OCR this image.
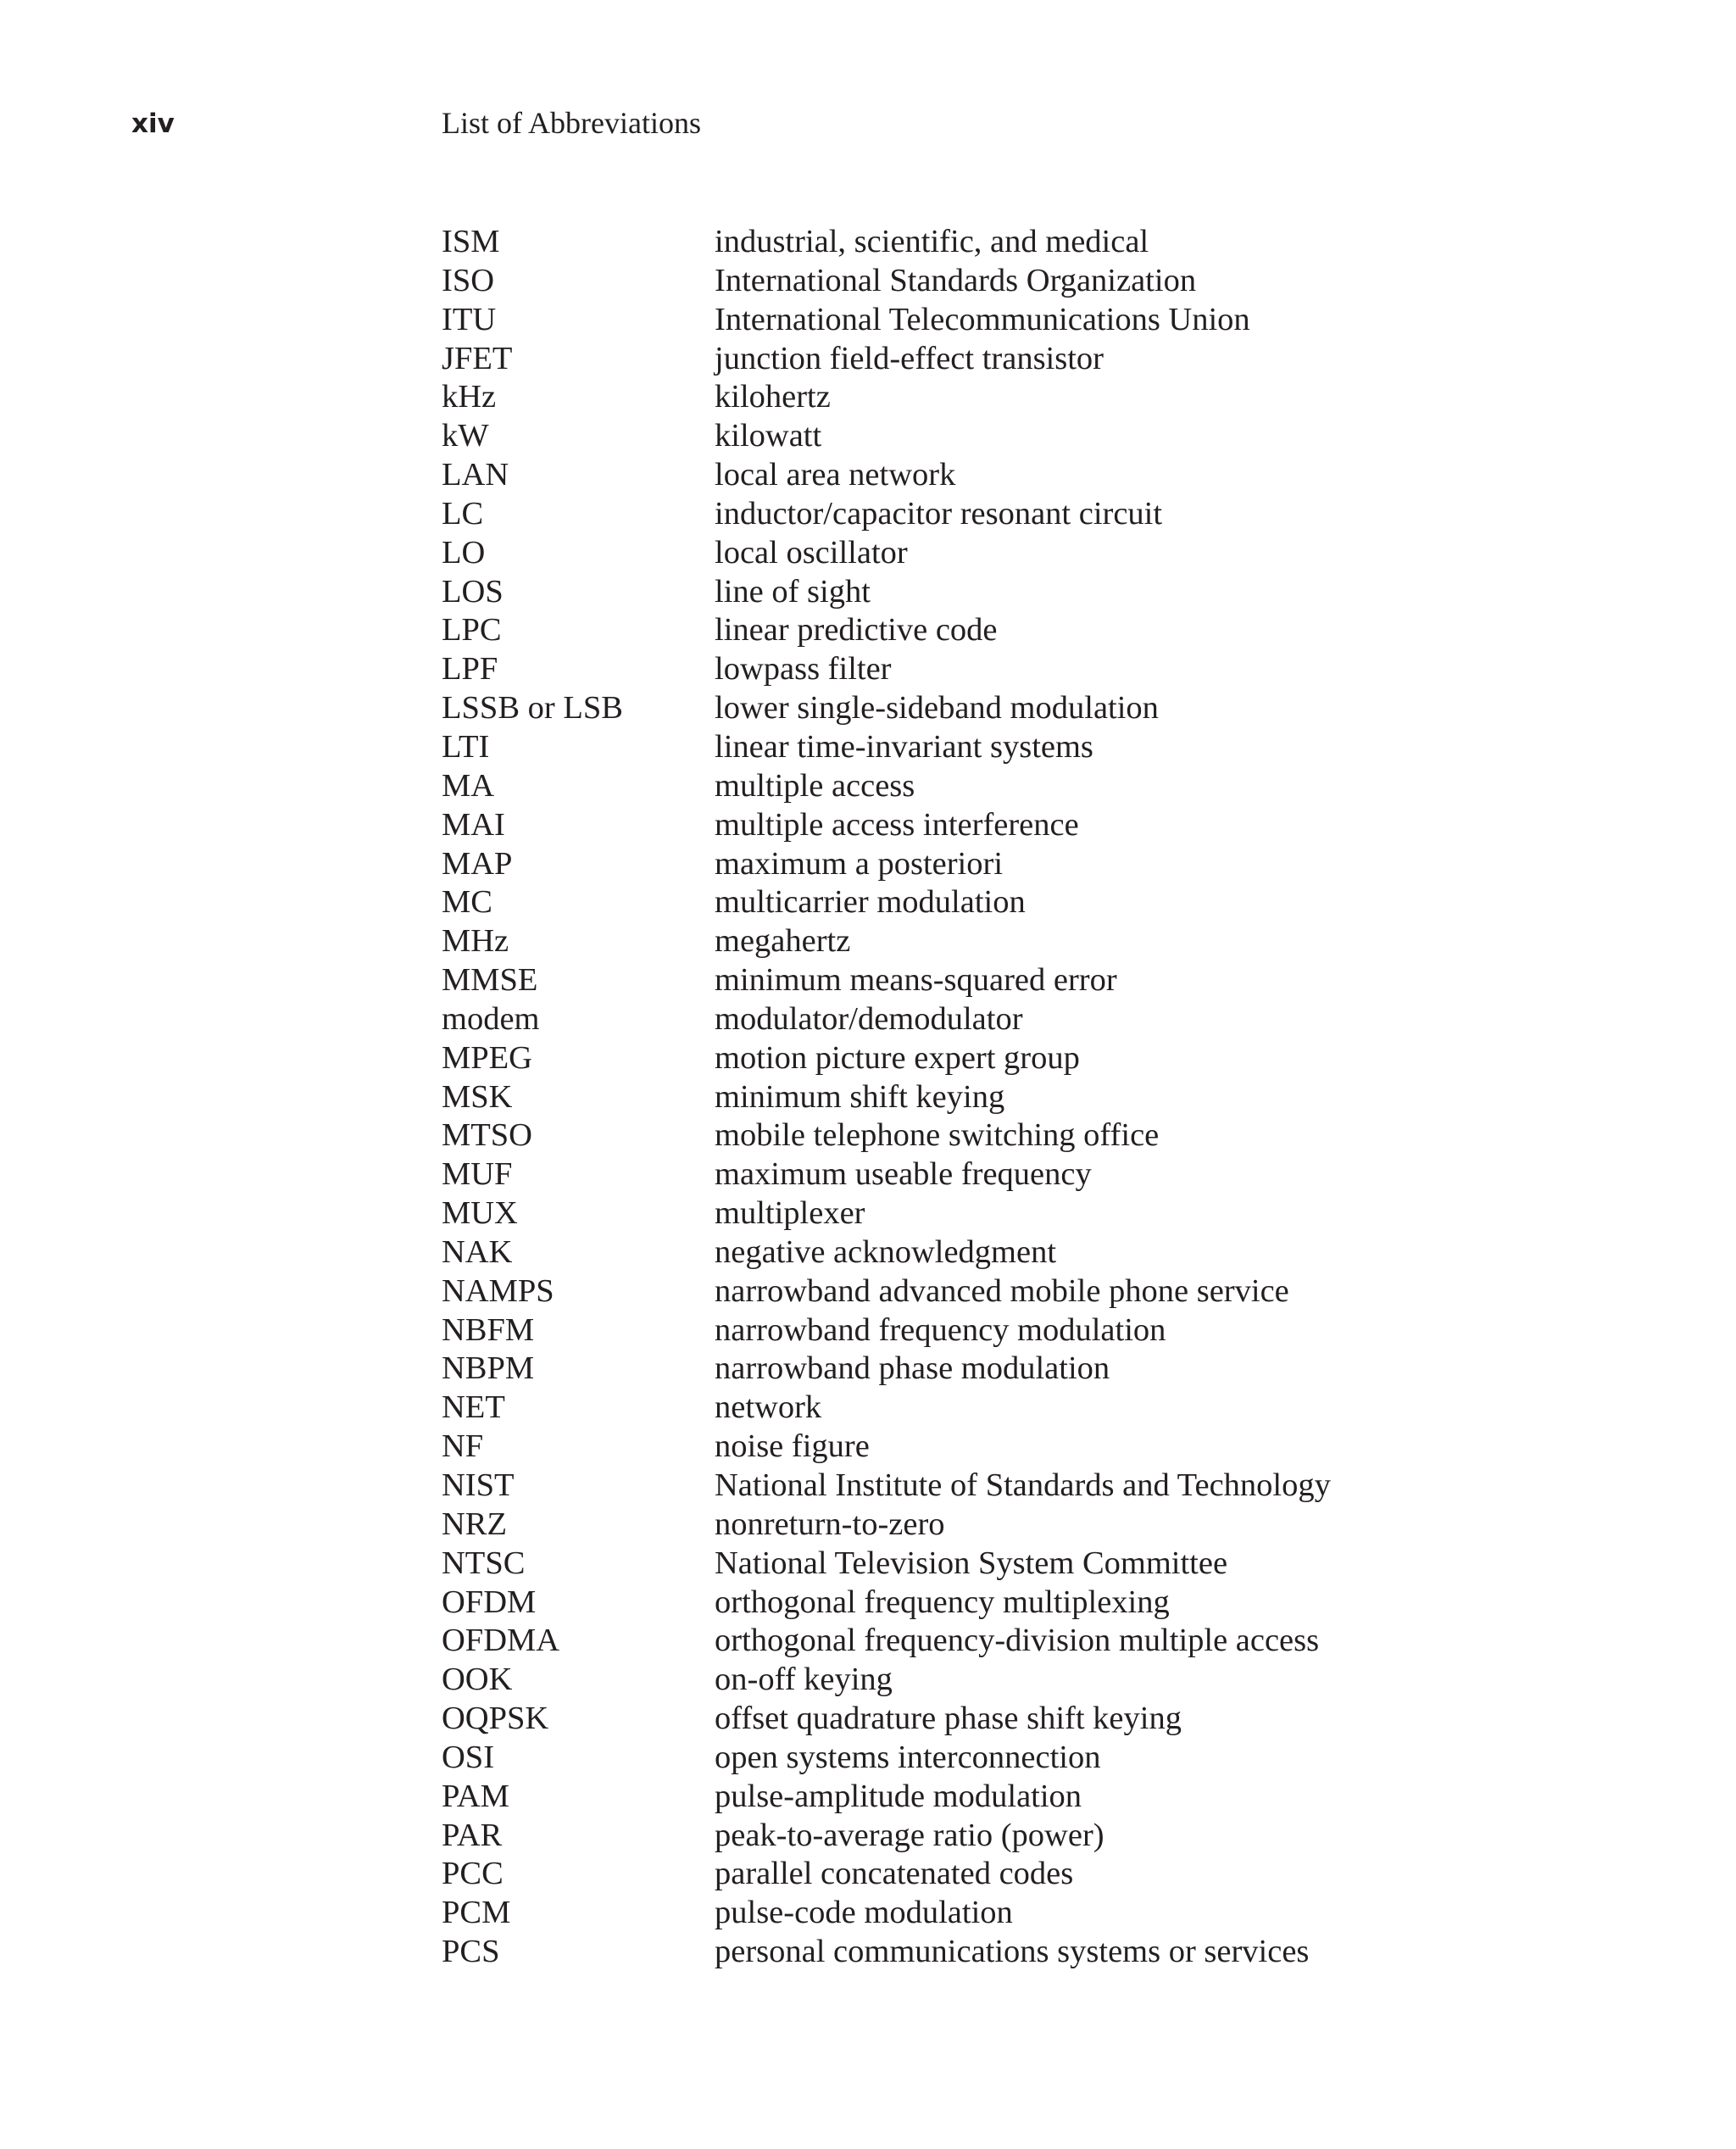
xiv	List of Abbreviations
ISM	industrial, scientific, and medical
ISO	International Standards Organization
ITU	International Telecommunications Union
JFET	junction field-effect transistor
kHz	kilohertz
kW	kilowatt
LAN	local area network
LC	inductor/capacitor resonant circuit
LO	local oscillator
LOS	line of sight
LPC	linear predictive code
LPF	lowpass filter
LSSB or LSB	lower single-sideband modulation
LTI	linear time-invariant systems
MA	multiple access
MAI	multiple access interference
MAP	maximum a posteriori
MC	multicarrier modulation
MHz	megahertz
MMSE	minimum means-squared error
modem	modulator/demodulator
MPEG	motion picture expert group
MSK	minimum shift keying
MTSO	mobile telephone switching office
MUF	maximum useable frequency
MUX	multiplexer
NAK	negative acknowledgment
NAMPS	narrowband advanced mobile phone service
NBFM	narrowband frequency modulation
NBPM	narrowband phase modulation
NET	network
NF	noise figure
NIST	National Institute of Standards and Technology
NRZ	nonreturn-to-zero
NTSC	National Television System Committee
OFDM	orthogonal frequency multiplexing
OFDMA	orthogonal frequency-division multiple access
OOK	on-off keying
OQPSK	offset quadrature phase shift keying
OSI	open systems interconnection
PAM	pulse-amplitude modulation
PAR	peak-to-average ratio (power)
PCC	parallel concatenated codes
PCM	pulse-code modulation
PCS	personal communications systems or services
